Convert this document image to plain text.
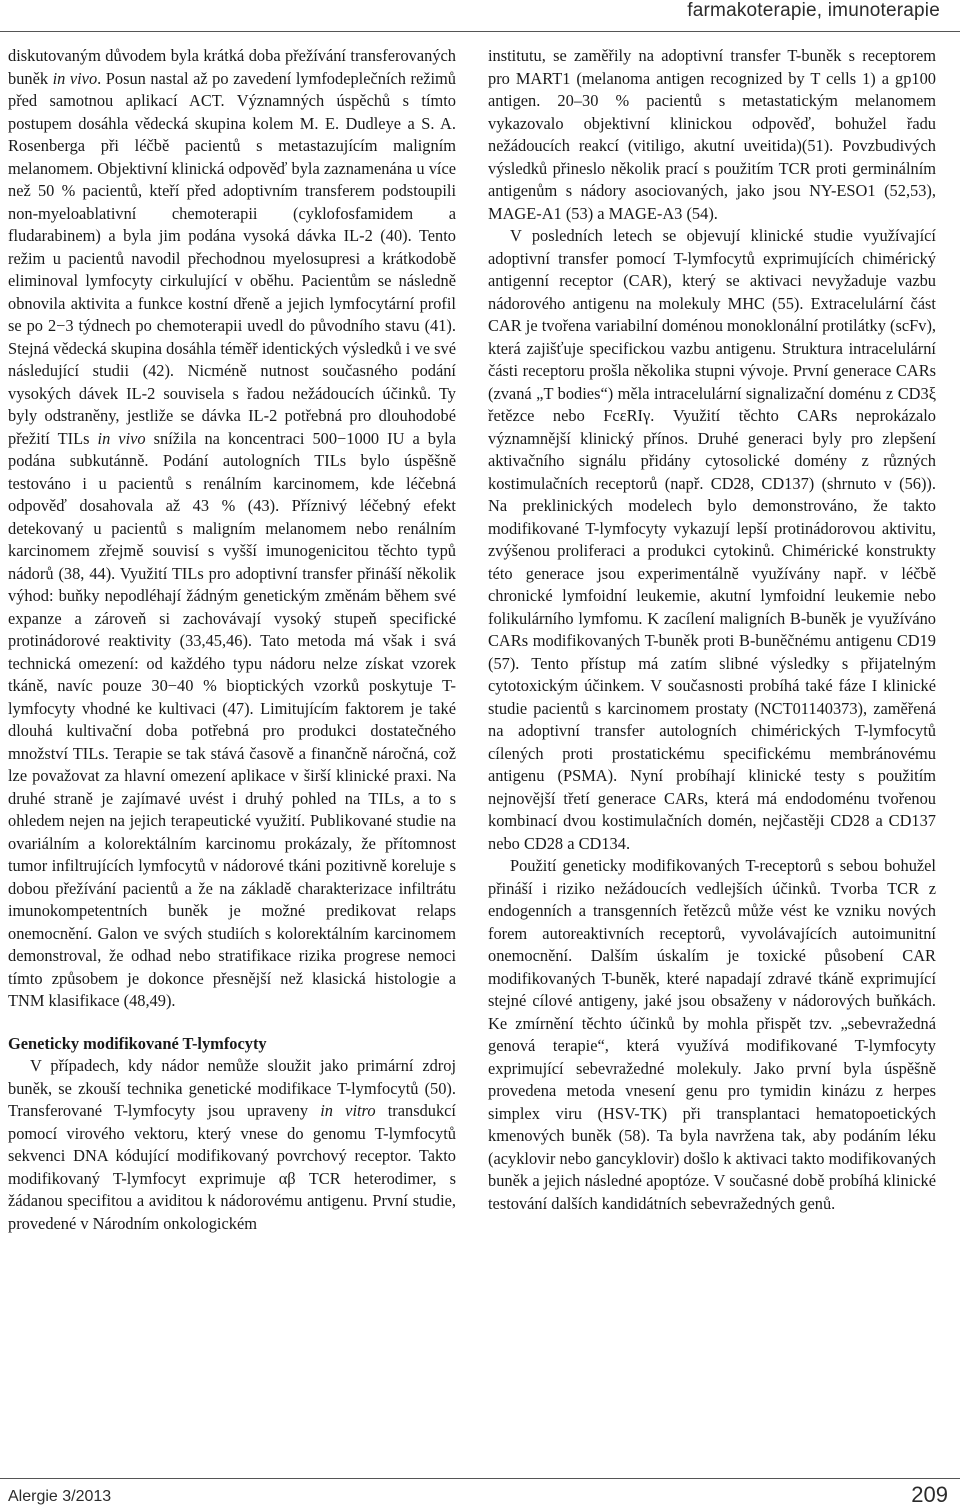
farmakoterapie, imunoterapie

diskutovaným důvodem byla krátká doba přežívání transferovaných buněk in vivo. Posun nastal až po zavedení lymfodeplečních režimů před samotnou aplikací ACT. Významných úspěchů s tímto postupem dosáhla vědecká skupina kolem M. E. Dudleye a S. A. Rosenberga při léčbě pacientů s metastazujícím maligním melanomem. Objektivní klinická odpověď byla zaznamenána u více než 50 % pacientů, kteří před adoptivním transferem podstoupili non-myeloablativní chemoterapii (cyklofosfamidem a fludarabinem) a byla jim podána vysoká dávka IL-2 (40). Tento režim u pacientů navodil přechodnou myelosupresi a krátkodobě eliminoval lymfocyty cirkulující v oběhu. Pacientům se následně obnovila aktivita a funkce kostní dřeně a jejich lymfocytární profil se po 2−3 týdnech po chemoterapii uvedl do původního stavu (41). Stejná vědecká skupina dosáhla téměř identických výsledků i ve své následující studii (42). Nicméně nutnost současného podání vysokých dávek IL-2 souvisela s řadou nežádoucích účinků. Ty byly odstraněny, jestliže se dávka IL-2 potřebná pro dlouhodobé přežití TILs in vivo snížila na koncentraci 500−1000 IU a byla podána subkutánně. Podání autologních TILs bylo úspěšně testováno i u pacientů s renálním karcinomem, kde léčebná odpověď dosahovala až 43 % (43). Příznivý léčebný efekt detekovaný u pacientů s maligním melanomem nebo renálním karcinomem zřejmě souvisí s vyšší imunogenicitou těchto typů nádorů (38, 44). Využití TILs pro adoptivní transfer přináší několik výhod: buňky nepodléhají žádným genetickým změnám během své expanze a zároveň si zachovávají vysoký stupeň specifické protinádorové reaktivity (33,45,46). Tato metoda má však i svá technická omezení: od každého typu nádoru nelze získat vzorek tkáně, navíc pouze 30−40 % bioptických vzorků poskytuje T-lymfocyty vhodné ke kultivaci (47). Limitujícím faktorem je také dlouhá kultivační doba potřebná pro produkci dostatečného množství TILs. Terapie se tak stává časově a finančně náročná, což lze považovat za hlavní omezení aplikace v širší klinické praxi. Na druhé straně je zajímavé uvést i druhý pohled na TILs, a to s ohledem nejen na jejich terapeutické využití. Publikované studie na ovariálním a kolorektálním karcinomu prokázaly, že přítomnost tumor infiltrujících lymfocytů v nádorové tkáni pozitivně koreluje s dobou přežívání pacientů a že na základě charakterizace infiltrátu imunokompetentních buněk je možné predikovat relaps onemocnění. Galon ve svých studiích s kolorektálním karcinomem demonstroval, že odhad nebo stratifikace rizika progrese nemoci tímto způsobem je dokonce přesnější než klasická histologie a TNM klasifikace (48,49).

Geneticky modifikované T-lymfocyty

V případech, kdy nádor nemůže sloužit jako primární zdroj buněk, se zkouší technika genetické modifikace T-lymfocytů (50). Transferované T-lymfocyty jsou upraveny in vitro transdukcí pomocí virového vektoru, který vnese do genomu T-lymfocytů sekvenci DNA kódující modifikovaný povrchový receptor. Takto modifikovaný T-lymfocyt exprimuje αβ TCR heterodimer, s žádanou specifitou a aviditou k nádorovému antigenu. První studie, provedené v Národním onkologickém

institutu, se zaměřily na adoptivní transfer T-buněk s receptorem pro MART1 (melanoma antigen recognized by T cells 1) a gp100 antigen. 20–30 % pacientů s metastatickým melanomem vykazovalo objektivní klinickou odpověď, bohužel řadu nežádoucích reakcí (vitiligo, akutní uveitida)(51). Povzbudivých výsledků přineslo několik prací s použitím TCR proti germinálním antigenům s nádory asociovaných, jako jsou NY-ESO1 (52,53), MAGE-A1 (53) a MAGE-A3 (54).

V posledních letech se objevují klinické studie využívající adoptivní transfer pomocí T-lymfocytů exprimujících chimérický antigenní receptor (CAR), který se aktivaci nevyžaduje vazbu nádorového antigenu na molekuly MHC (55). Extracelulární část CAR je tvořena variabilní doménou monoklonální protilátky (scFv), která zajišťuje specifickou vazbu antigenu. Struktura intracelulární části receptoru prošla několika stupni vývoje. První generace CARs (zvaná „T bodies“) měla intracelulární signalizační doménu z CD3ξ řetězce nebo FcεRIγ. Využití těchto CARs neprokázalo významnější klinický přínos. Druhé generaci byly pro zlepšení aktivačního signálu přidány cytosolické domény z různých kostimulačních receptorů (např. CD28, CD137) (shrnuto v (56)). Na preklinických modelech bylo demonstrováno, že takto modifikované T-lymfocyty vykazují lepší protinádorovou aktivitu, zvýšenou proliferaci a produkci cytokinů. Chimérické konstrukty této generace jsou experimentálně využívány např. v léčbě chronické lymfoidní leukemie, akutní lymfoidní leukemie nebo folikulárního lymfomu. K zacílení maligních B-buněk je využíváno CARs modifikovaných T-buněk proti B-buněčnému antigenu CD19 (57). Tento přístup má zatím slibné výsledky s přijatelným cytotoxickým účinkem. V současnosti probíhá také fáze I klinické studie pacientů s karcinomem prostaty (NCT01140373), zaměřená na adoptivní transfer autologních chimérických T-lymfocytů cílených proti prostatickému specifickému membránovému antigenu (PSMA). Nyní probíhají klinické testy s použitím nejnovější třetí generace CARs, která má endodoménu tvořenou kombinací dvou kostimulačních domén, nejčastěji CD28 a CD137 nebo CD28 a CD134.

Použití geneticky modifikovaných T-receptorů s sebou bohužel přináší i riziko nežádoucích vedlejších účinků. Tvorba TCR z endogenních a transgenních řetězců může vést ke vzniku nových forem autoreaktivních receptorů, vyvolávajících autoimunitní onemocnění. Dalším úskalím je toxické působení CAR modifikovaných T-buněk, které napadají zdravé tkáně exprimující stejné cílové antigeny, jaké jsou obsaženy v nádorových buňkách. Ke zmírnění těchto účinků by mohla přispět tzv. „sebevražedná genová terapie“, která využívá modifikované T-lymfocyty exprimující sebevražedné molekuly. Jako první byla úspěšně provedena metoda vnesení genu pro tymidin kinázu z herpes simplex viru (HSV-TK) při transplantaci hematopoetických kmenových buněk (58). Ta byla navržena tak, aby podáním léku (acyklovir nebo gancyklovir) došlo k aktivaci takto modifikovaných buněk a jejich následné apoptóze. V současné době probíhá klinické testování dalších kandidátních sebevražedných genů.

Alergie 3/2013	209
